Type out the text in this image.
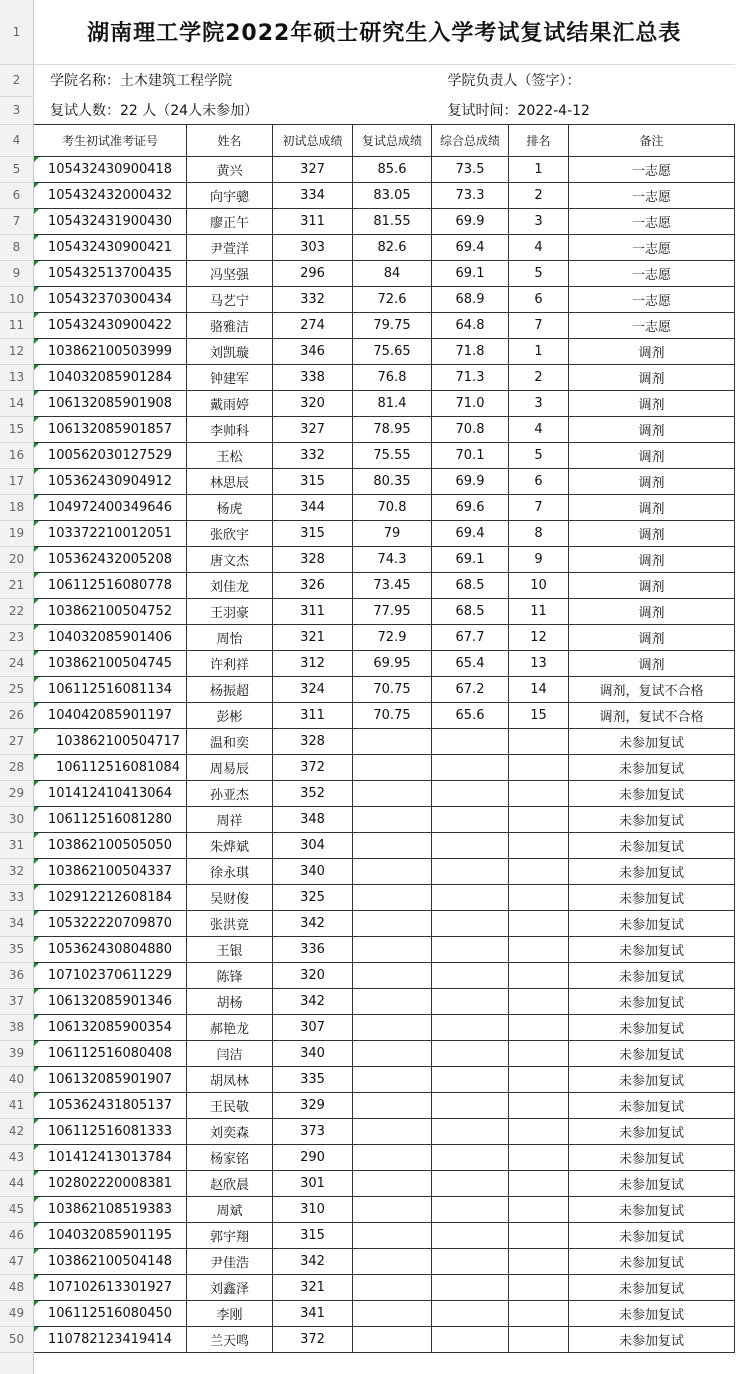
1	湖南理工学院2022年硕士研究生入学考试复试结果汇总表						
2	学院名称：土木建筑工程学院				学院负责人（签字）：		
3	复试人数：22 人（24人未参加）				复试时间：2022-4-12		
4	考生初试准考证号	姓名	初试总成绩	复试总成绩	综合总成绩	排名	备注
5	105432430900418	黄兴	327	85.6	73.5	1	一志愿
6	105432432000432	向宇骢	334	83.05	73.3	2	一志愿
7	105432431900430	廖正午	311	81.55	69.9	3	一志愿
8	105432430900421	尹萱洋	303	82.6	69.4	4	一志愿
9	105432513700435	冯坚强	296	84	69.1	5	一志愿
10	105432370300434	马艺宁	332	72.6	68.9	6	一志愿
11	105432430900422	骆雅洁	274	79.75	64.8	7	一志愿
12	103862100503999	刘凯璇	346	75.65	71.8	1	调剂
13	104032085901284	钟建军	338	76.8	71.3	2	调剂
14	106132085901908	戴雨婷	320	81.4	71.0	3	调剂
15	106132085901857	李帅科	327	78.95	70.8	4	调剂
16	100562030127529	王松	332	75.55	70.1	5	调剂
17	105362430904912	林思辰	315	80.35	69.9	6	调剂
18	104972400349646	杨虎	344	70.8	69.6	7	调剂
19	103372210012051	张欣宇	315	79	69.4	8	调剂
20	105362432005208	唐文杰	328	74.3	69.1	9	调剂
21	106112516080778	刘佳龙	326	73.45	68.5	10	调剂
22	103862100504752	王羽豪	311	77.95	68.5	11	调剂
23	104032085901406	周怡	321	72.9	67.7	12	调剂
24	103862100504745	许利祥	312	69.95	65.4	13	调剂
25	106112516081134	杨振超	324	70.75	67.2	14	调剂，复试不合格
26	104042085901197	彭彬	311	70.75	65.6	15	调剂，复试不合格
27	103862100504717	温和奕	328				未参加复试
28	106112516081084	周易辰	372				未参加复试
29	101412410413064	孙亚杰	352				未参加复试
30	106112516081280	周祥	348				未参加复试
31	103862100505050	朱烨斌	304				未参加复试
32	103862100504337	徐永琪	340				未参加复试
33	102912212608184	吴财俊	325				未参加复试
34	105322220709870	张洪竟	342				未参加复试
35	105362430804880	王银	336				未参加复试
36	107102370611229	陈锋	320				未参加复试
37	106132085901346	胡杨	342				未参加复试
38	106132085900354	郝艳龙	307				未参加复试
39	106112516080408	闫洁	340				未参加复试
40	106132085901907	胡凤林	335				未参加复试
41	105362431805137	王民敬	329				未参加复试
42	106112516081333	刘奕森	373				未参加复试
43	101412413013784	杨家铭	290				未参加复试
44	102802220008381	赵欣晨	301				未参加复试
45	103862108519383	周斌	310				未参加复试
46	104032085901195	郭宇翔	315				未参加复试
47	103862100504148	尹佳浩	342				未参加复试
48	107102613301927	刘鑫泽	321				未参加复试
49	106112516080450	李刚	341				未参加复试
50	110782123419414	兰天鸣	372				未参加复试
